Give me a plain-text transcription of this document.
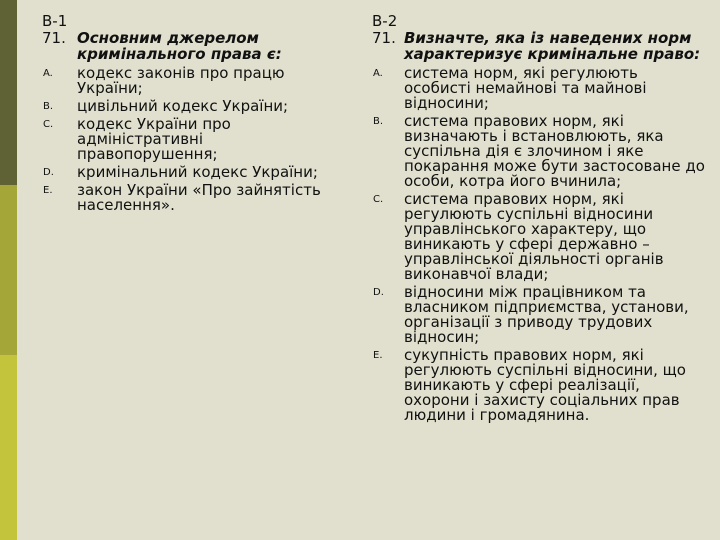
В-1

71. Основним джерелом кримінального права є:

A. кодекс законів про працю України;
B. цивільний кодекс України;
C. кодекс України про адміністративні правопорушення;
D. кримінальний кодекс України;
E. закон України «Про зайнятість населення».

В-2

71. Визначте, яка із наведених норм характеризує кримінальне право:

A. система норм, які регулюють особисті немайнові та майнові відносини;
B. система правових норм, які визначають і встановлюють, яка суспільна дія є злочином і яке покарання може бути застосоване до особи, котра його вчинила;
C. система правових норм, які регулюють суспільні відносини управлінського характеру, що виникають у сфері державно – управлінської діяльності органів виконавчої влади;
D. відносини між працівником та власником підприємства, установи, організації з приводу трудових відносин;
E. сукупність правових норм, які регулюють суспільні відносини, що виникають у сфері реалізації, охорони і захисту соціальних прав людини і громадянина.
